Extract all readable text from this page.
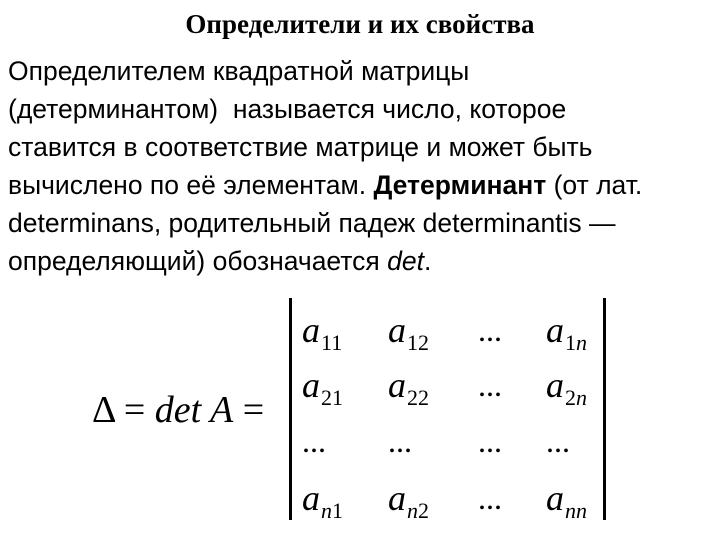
Определители и их свойства
Определителем квадратной матрицы
(детерминантом)  называется число, которое
ставится в соответствие матрице и может быть
вычислено по её элементам. Детерминант (от лат.
determinans, родительный падеж determinantis —
определяющий) обозначается det.
Δ = det A =
$a_{11}$	$a_{12}$	...	$a_{1n}$
$a_{21}$	$a_{22}$	...	$a_{2n}$
...	...	...	...
$a_{n1}$	$a_{n2}$	...	$a_{nn}$
